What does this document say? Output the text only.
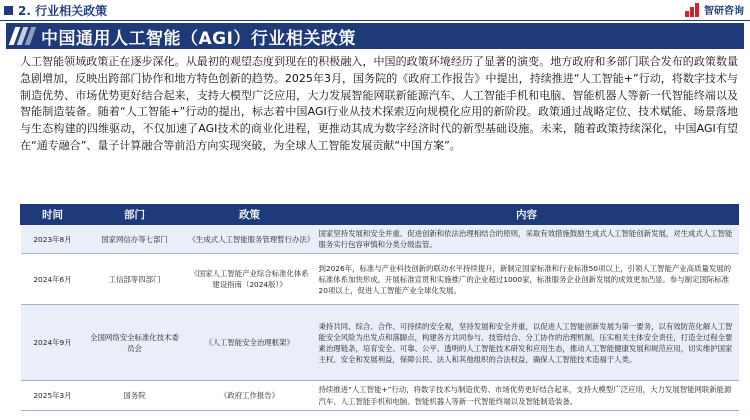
2. 行业相关政策	智研咨询
中国通用人工智能（AGI）行业相关政策
人工智能领域政策正在逐步深化。从最初的观望态度到现在的积极融入，中国的政策环境经历了显著的演变。地方政府和多部门联合发布的政策数量急剧增加，反映出跨部门协作和地方特色创新的趋势。2025年3月，国务院的《政府工作报告》中提出，持续推进“人工智能+”行动，将数字技术与制造优势、市场优势更好结合起来，支持大模型广泛应用，大力发展智能网联新能源汽车、人工智能手机和电脑、智能机器人等新一代智能终端以及智能制造装备。随着“人工智能+”行动的提出，标志着中国AGI行业从技术探索迈向规模化应用的新阶段。政策通过战略定位、技术赋能、场景落地与生态构建的四维驱动，不仅加速了AGI技术的商业化进程，更推动其成为数字经济时代的新型基础设施。未来，随着政策持续深化，中国AGI有望在“通专融合”、量子计算融合等前沿方向实现突破，为全球人工智能发展贡献“中国方案”。
时间	部门	政策	内容
2023年8月	国家网信办等七部门	《生成式人工智能服务管理暂行办法》	国家坚持发展和安全并重、促进创新和依法治理相结合的原则，采取有效措施鼓励生成式人工智能创新发展，对生成式人工智能服务实行包容审慎和分类分级监管。
2024年6月	工信部等四部门	《国家人工智能产业综合标准化体系建设指南（2024版）》	到2026年，标准与产业科技创新的联动水平持续提升，新制定国家标准和行业标准50项以上，引领人工智能产业高质量发展的标准体系加快形成。开展标准宣贯和实施推广的企业超过1000家，标准服务企业创新发展的成效更加凸显。参与制定国际标准20项以上，促进人工智能产业全球化发展。
2024年9月	全国网络安全标准化技术委员会	《人工智能安全治理框架》	秉持共同、综合、合作、可持续的安全观，坚持发展和安全并重，以促进人工智能创新发展为第一要务，以有效防范化解人工智能安全风险为出发点和落脚点，构建各方共同参与、技管结合、分工协作的治理机制，压实相关主体安全责任，打造全过程全要素治理链条，培育安全、可靠、公平、透明的人工智能技术研发和应用生态，推动人工智能健康发展和规范应用，切实维护国家主权、安全和发展利益，保障公民、法人和其他组织的合法权益，确保人工智能技术造福于人类。
2025年3月	国务院	《政府工作报告》	持续推进“人工智能+”行动，将数字技术与制造优势、市场优势更好结合起来，支持大模型广泛应用，大力发展智能网联新能源汽车、人工智能手机和电脑、智能机器人等新一代智能终端以及智能制造装备。
